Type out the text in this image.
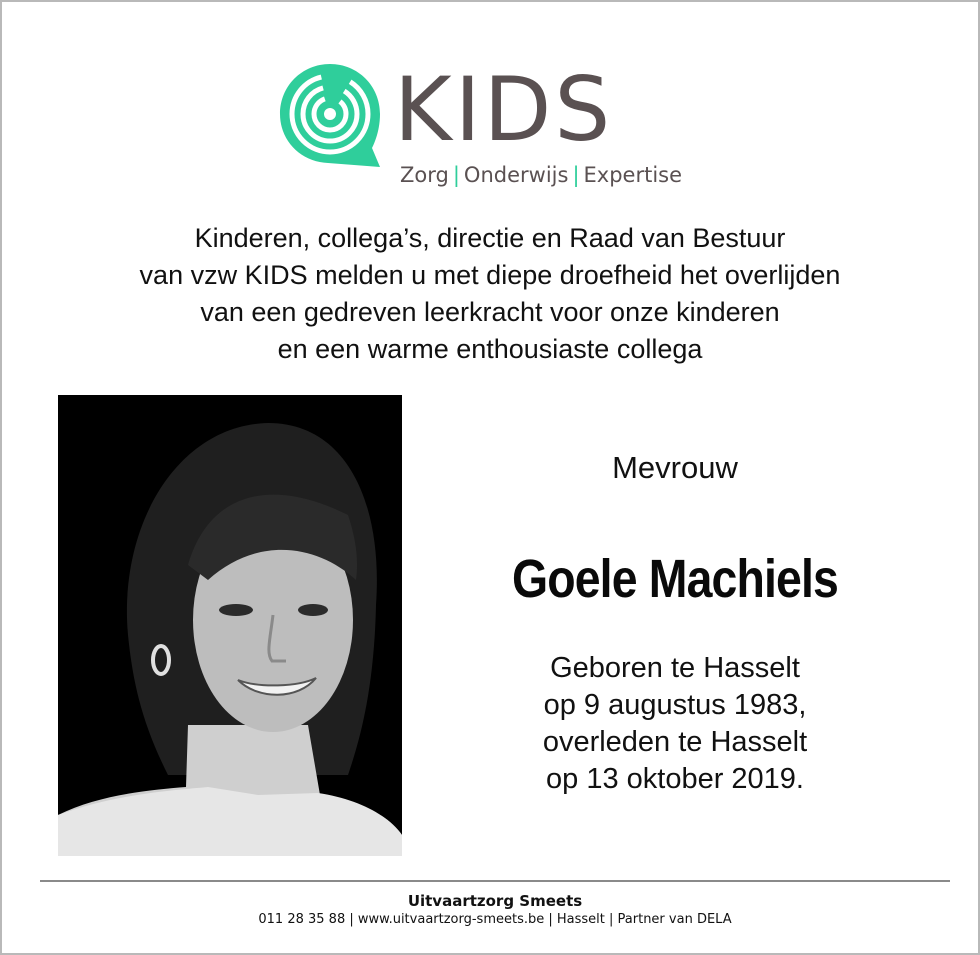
KIDS
Zorg | Onderwijs | Expertise
Kinderen, collega’s, directie en Raad van Bestuur
van vzw KIDS melden u met diepe droefheid het overlijden
van een gedreven leerkracht voor onze kinderen
en een warme enthousiaste collega
Mevrouw
Goele Machiels
Geboren te Hasselt
op 9 augustus 1983,
overleden te Hasselt
op 13 oktober 2019.
Uitvaartzorg Smeets
011 28 35 88 | www.uitvaartzorg-smeets.be | Hasselt | Partner van DELA
